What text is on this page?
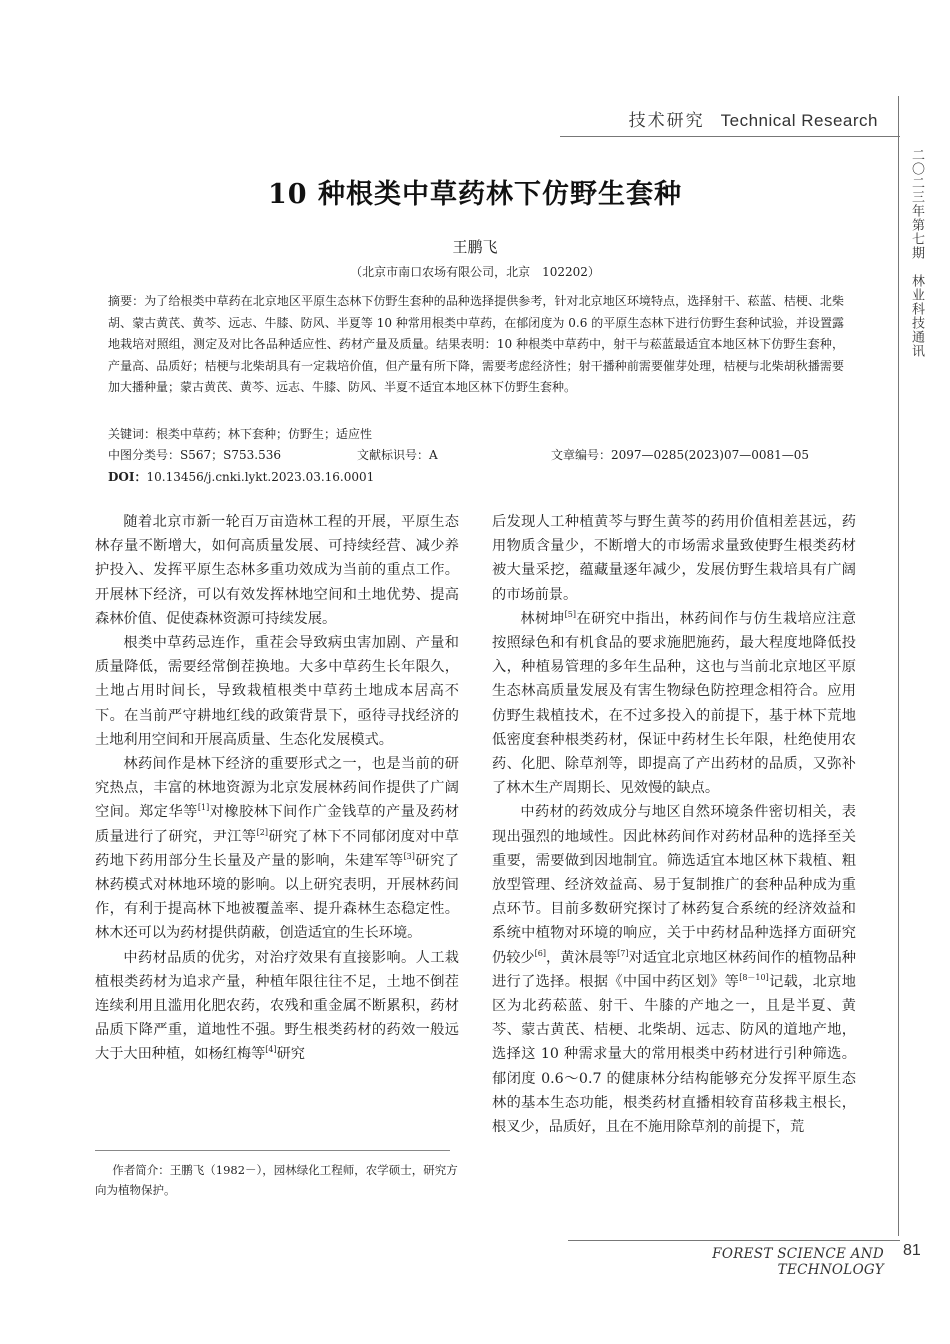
技术研究 Technical Research
二〇二三年第七期林业科技通讯
10 种根类中草药林下仿野生套种
王鹏飞
（北京市南口农场有限公司，北京　102202）
摘要：为了给根类中草药在北京地区平原生态林下仿野生套种的品种选择提供参考，针对北京地区环境特点，选择射干、菘蓝、桔梗、北柴胡、蒙古黄芪、黄芩、远志、牛膝、防风、半夏等 10 种常用根类中草药，在郁闭度为 0.6 的平原生态林下进行仿野生套种试验，并设置露地栽培对照组，测定及对比各品种适应性、药材产量及质量。结果表明：10 种根类中草药中，射干与菘蓝最适宜本地区林下仿野生套种，产量高、品质好；桔梗与北柴胡具有一定栽培价值，但产量有所下降，需要考虑经济性；射干播种前需要催芽处理，桔梗与北柴胡秋播需要加大播种量；蒙古黄芪、黄芩、远志、牛膝、防风、半夏不适宜本地区林下仿野生套种。
关键词：根类中草药；林下套种；仿野生；适应性
中图分类号：S567；S753.536	文献标识号：A	文章编号：2097—0285(2023)07—0081—05
DOI：10.13456/j.cnki.lykt.2023.03.16.0001

随着北京市新一轮百万亩造林工程的开展，平原生态林存量不断增大，如何高质量发展、可持续经营、减少养护投入、发挥平原生态林多重功效成为当前的重点工作。开展林下经济，可以有效发挥林地空间和土地优势、提高森林价值、促使森林资源可持续发展。

根类中草药忌连作，重茬会导致病虫害加剧、产量和质量降低，需要经常倒茬换地。大多中草药生长年限久，土地占用时间长，导致栽植根类中草药土地成本居高不下。在当前严守耕地红线的政策背景下，亟待寻找经济的土地利用空间和开展高质量、生态化发展模式。

林药间作是林下经济的重要形式之一，也是当前的研究热点，丰富的林地资源为北京发展林药间作提供了广阔空间。郑定华等[1]对橡胶林下间作广金钱草的产量及药材质量进行了研究，尹江等[2]研究了林下不同郁闭度对中草药地下药用部分生长量及产量的影响，朱建军等[3]研究了林药模式对林地环境的影响。以上研究表明，开展林药间作，有利于提高林下地被覆盖率、提升森林生态稳定性。林木还可以为药材提供荫蔽，创造适宜的生长环境。

中药材品质的优劣，对治疗效果有直接影响。人工栽植根类药材为追求产量，种植年限往往不足，土地不倒茬连续利用且滥用化肥农药，农残和重金属不断累积，药材品质下降严重，道地性不强。野生根类药材的药效一般远大于大田种植，如杨红梅等[4]研究

后发现人工种植黄芩与野生黄芩的药用价值相差甚远，药用物质含量少，不断增大的市场需求量致使野生根类药材被大量采挖，蕴藏量逐年减少，发展仿野生栽培具有广阔的市场前景。

林树坤[5]在研究中指出，林药间作与仿生栽培应注意按照绿色和有机食品的要求施肥施药，最大程度地降低投入，种植易管理的多年生品种，这也与当前北京地区平原生态林高质量发展及有害生物绿色防控理念相符合。应用仿野生栽植技术，在不过多投入的前提下，基于林下荒地低密度套种根类药材，保证中药材生长年限，杜绝使用农药、化肥、除草剂等，即提高了产出药材的品质，又弥补了林木生产周期长、见效慢的缺点。

中药材的药效成分与地区自然环境条件密切相关，表现出强烈的地域性。因此林药间作对药材品种的选择至关重要，需要做到因地制宜。筛选适宜本地区林下栽植、粗放型管理、经济效益高、易于复制推广的套种品种成为重点环节。目前多数研究探讨了林药复合系统的经济效益和系统中植物对环境的响应，关于中药材品种选择方面研究仍较少[6]，黄沐晨等[7]对适宜北京地区林药间作的植物品种进行了选择。根据《中国中药区划》等[8－10]记载，北京地区为北药菘蓝、射干、牛膝的产地之一，且是半夏、黄芩、蒙古黄芪、桔梗、北柴胡、远志、防风的道地产地，选择这 10 种需求量大的常用根类中药材进行引种筛选。郁闭度 0.6～0.7 的健康林分结构能够充分发挥平原生态林的基本生态功能，根类药材直播相较育苗移栽主根长，根叉少，品质好，且在不施用除草剂的前提下，荒

作者简介：王鹏飞（1982－），园林绿化工程师，农学硕士，研究方向为植物保护。
FOREST SCIENCE AND TECHNOLOGY
81
